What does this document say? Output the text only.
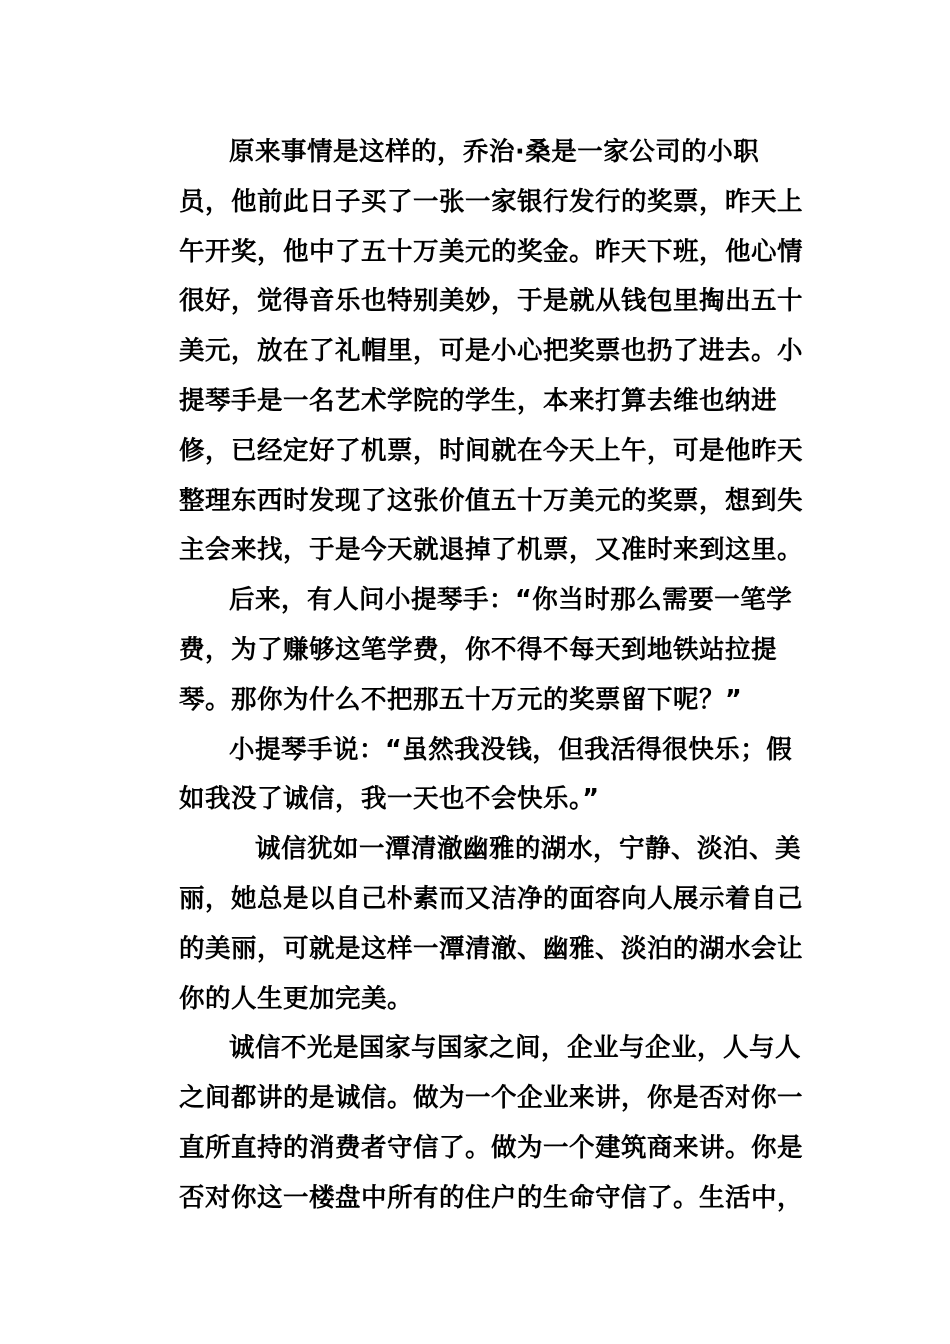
原来事情是这样的，乔治·桑是一家公司的小职
员，他前此日子买了一张一家银行发行的奖票，昨天上
午开奖，他中了五十万美元的奖金。昨天下班，他心情
很好，觉得音乐也特别美妙，于是就从钱包里掏出五十
美元，放在了礼帽里，可是小心把奖票也扔了进去。小
提琴手是一名艺术学院的学生，本来打算去维也纳进
修，已经定好了机票，时间就在今天上午，可是他昨天
整理东西时发现了这张价值五十万美元的奖票，想到失
主会来找，于是今天就退掉了机票，又准时来到这里。
后来，有人问小提琴手：“你当时那么需要一笔学
费，为了赚够这笔学费，你不得不每天到地铁站拉提
琴。那你为什么不把那五十万元的奖票留下呢？”
小提琴手说：“虽然我没钱，但我活得很快乐；假
如我没了诚信，我一天也不会快乐。”
诚信犹如一潭清澈幽雅的湖水，宁静、淡泊、美
丽，她总是以自己朴素而又洁净的面容向人展示着自己
的美丽，可就是这样一潭清澈、幽雅、淡泊的湖水会让
你的人生更加完美。
诚信不光是国家与国家之间，企业与企业，人与人
之间都讲的是诚信。做为一个企业来讲，你是否对你一
直所直持的消费者守信了。做为一个建筑商来讲。你是
否对你这一楼盘中所有的住户的生命守信了。生活中，
